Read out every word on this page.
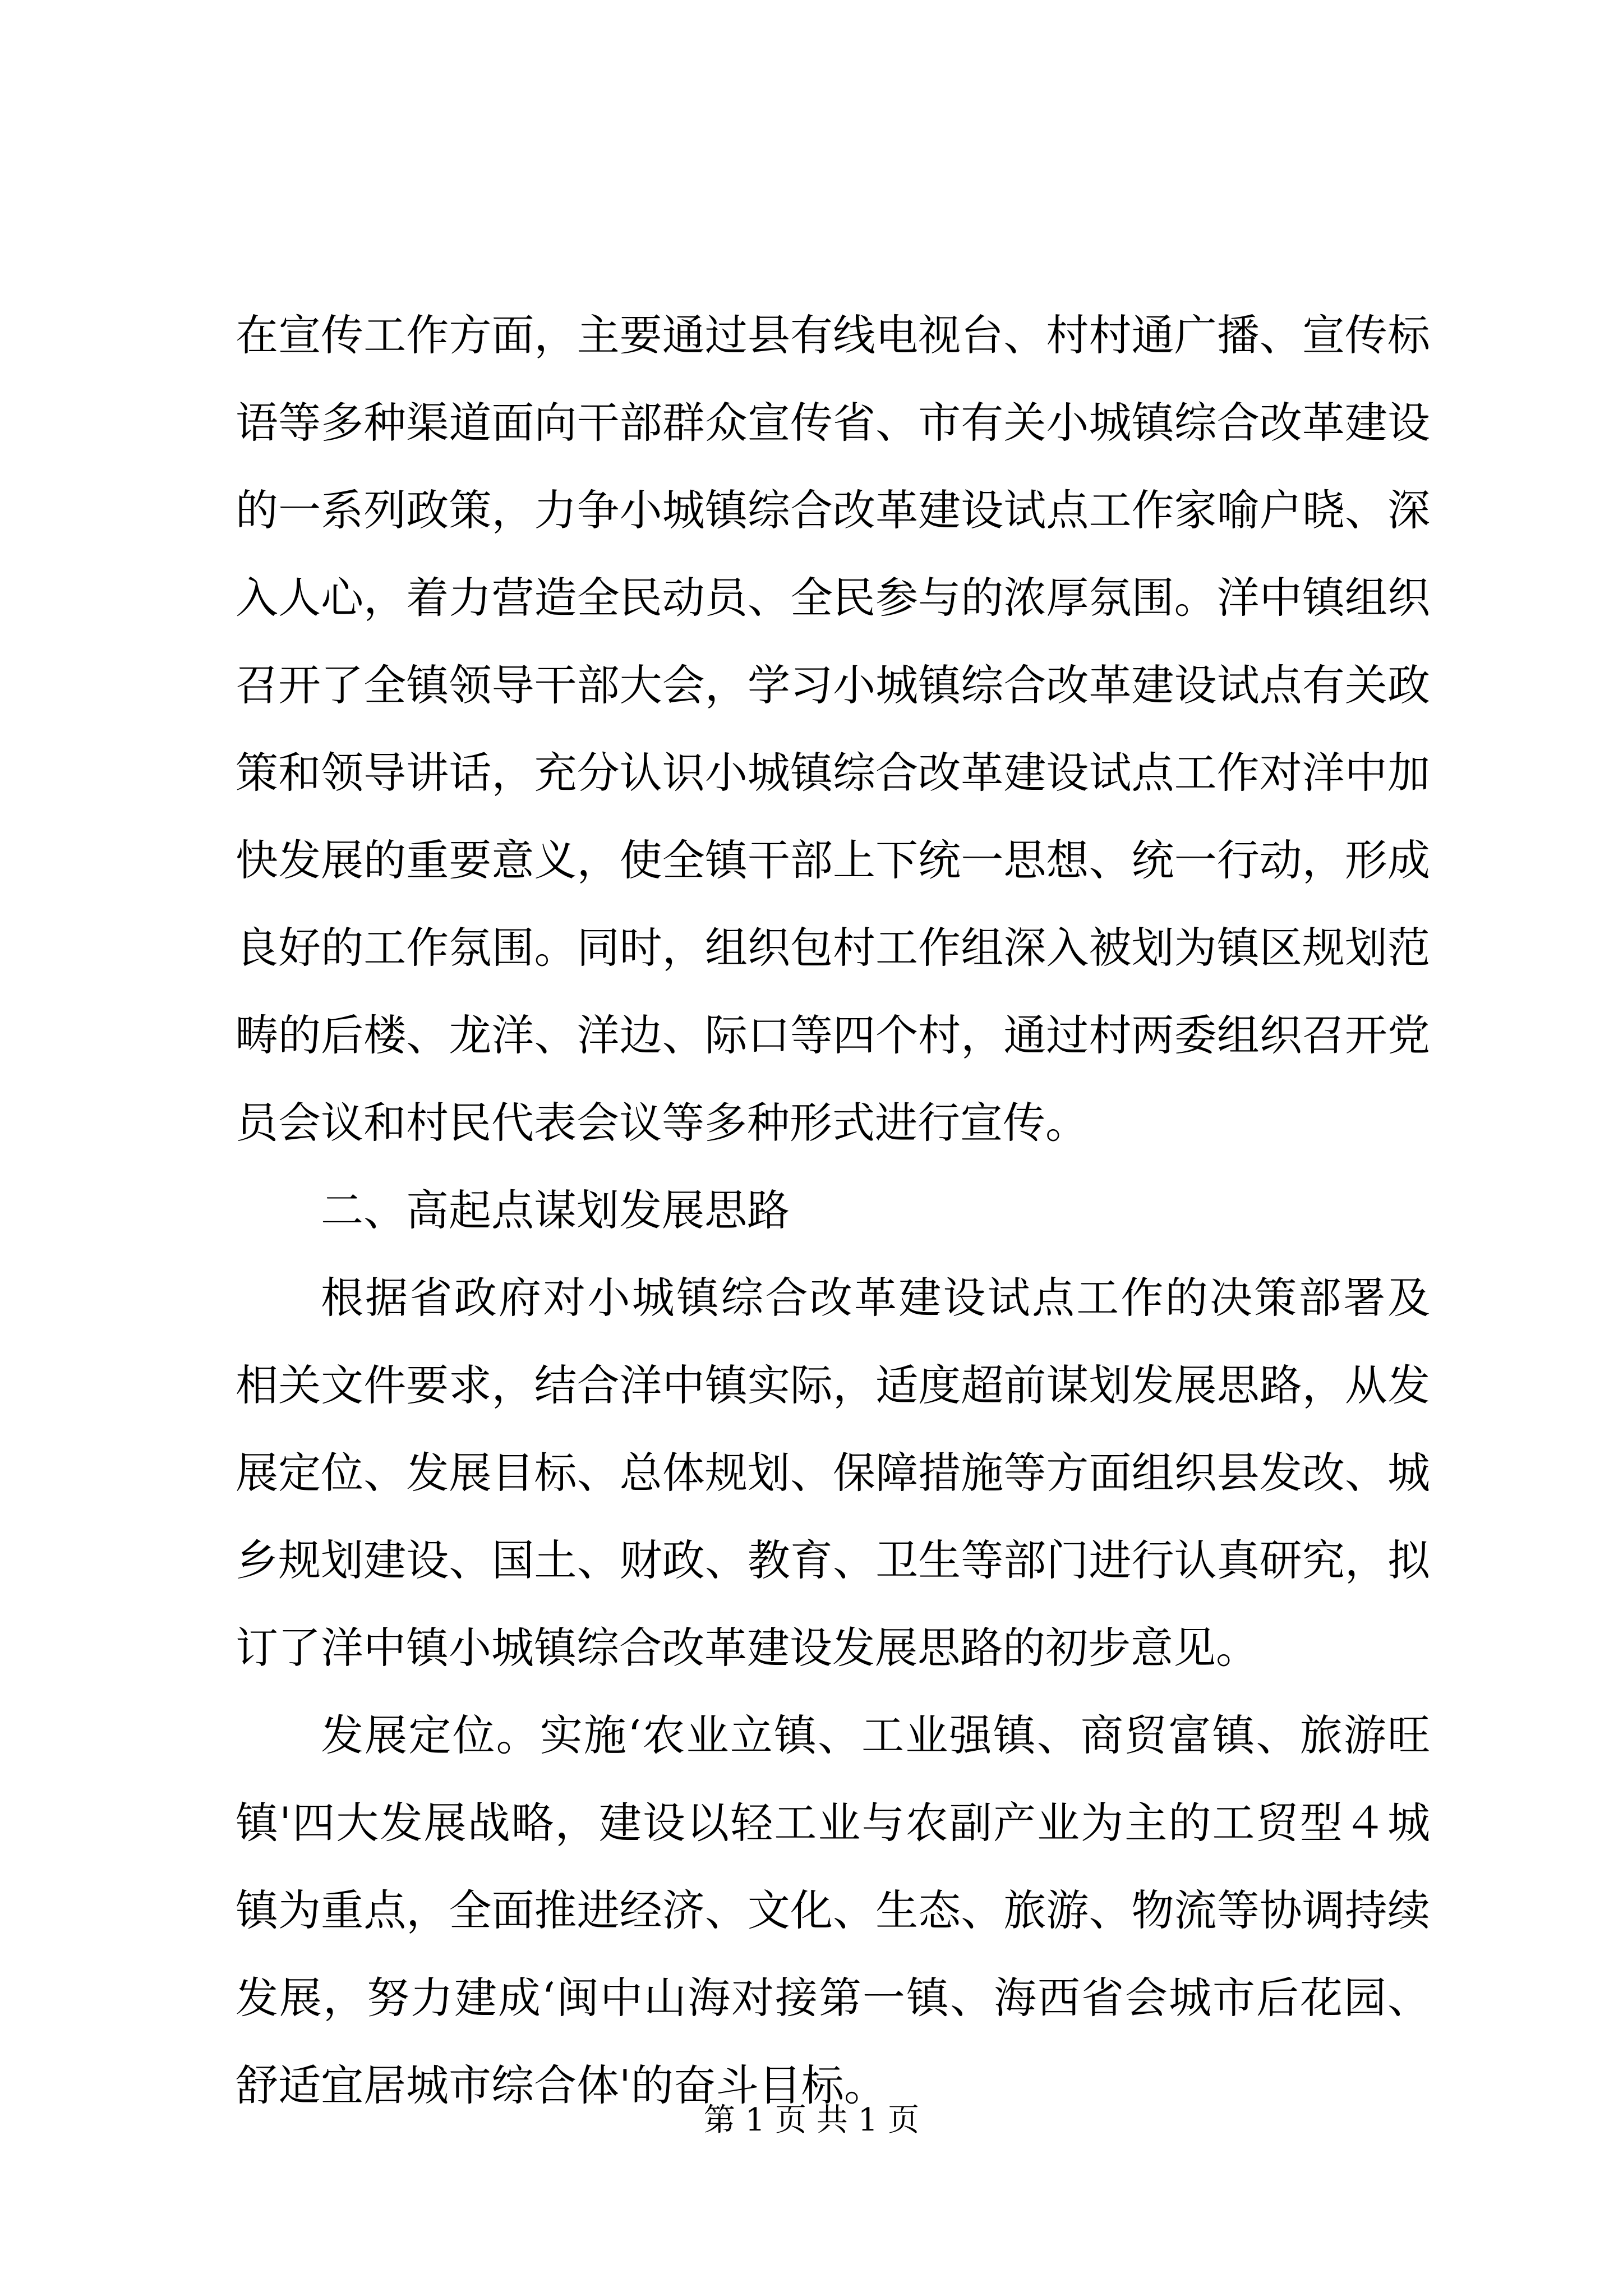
在宣传工作方面，主要通过县有线电视台、村村通广播、宣传标
语等多种渠道面向干部群众宣传省、市有关小城镇综合改革建设
的一系列政策，力争小城镇综合改革建设试点工作家喻户晓、深
入人心，着力营造全民动员、全民参与的浓厚氛围。洋中镇组织
召开了全镇领导干部大会，学习小城镇综合改革建设试点有关政
策和领导讲话，充分认识小城镇综合改革建设试点工作对洋中加
快发展的重要意义，使全镇干部上下统一思想、统一行动，形成
良好的工作氛围。同时，组织包村工作组深入被划为镇区规划范
畴的后楼、龙洋、洋边、际口等四个村，通过村两委组织召开党
员会议和村民代表会议等多种形式进行宣传。
二、高起点谋划发展思路
根据省政府对小城镇综合改革建设试点工作的决策部署及
相关文件要求，结合洋中镇实际，适度超前谋划发展思路，从发
展定位、发展目标、总体规划、保障措施等方面组织县发改、城
乡规划建设、国土、财政、教育、卫生等部门进行认真研究，拟
订了洋中镇小城镇综合改革建设发展思路的初步意见。
发展定位。实施‘农业立镇、工业强镇、商贸富镇、旅游旺
镇'四大发展战略，建设以轻工业与农副产业为主的工贸型４城
镇为重点，全面推进经济、文化、生态、旅游、物流等协调持续
发展，努力建成‘闽中山海对接第一镇、海西省会城市后花园、
舒适宜居城市综合体'的奋斗目标。
第 1 页 共 1 页
